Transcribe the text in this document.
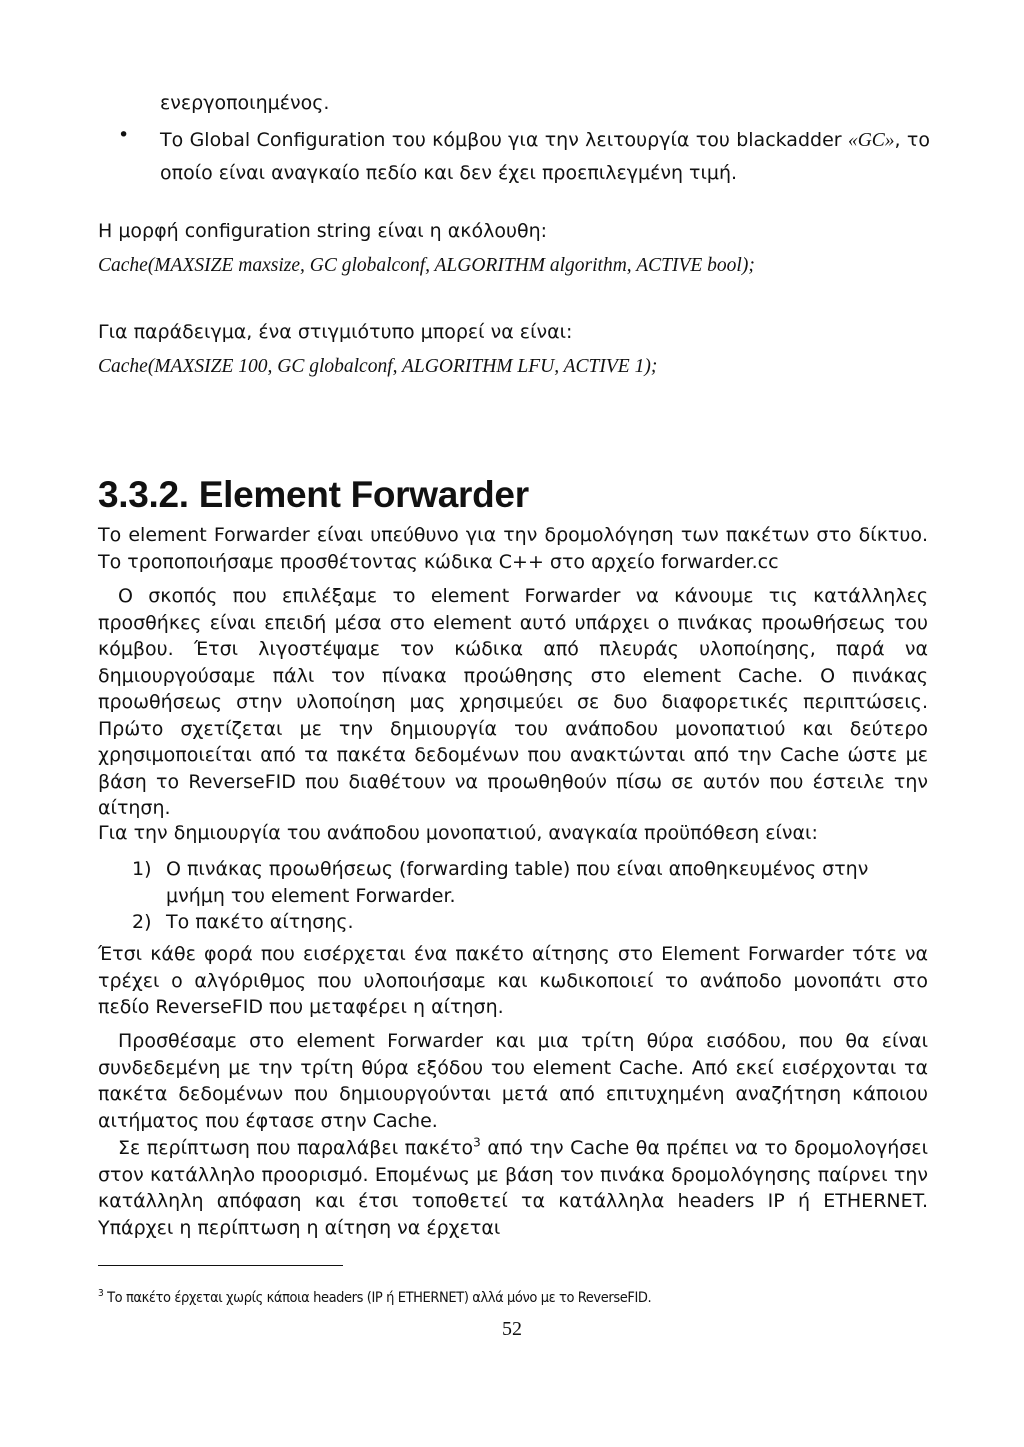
ενεργοποιημένος.
• Το Global Configuration του κόμβου για την λειτουργία του blackadder «GC», το οποίο είναι αναγκαίο πεδίο και δεν έχει προεπιλεγμένη τιμή.
Η μορφή configuration string είναι η ακόλουθη:
Cache(MAXSIZE maxsize, GC globalconf, ALGORITHM algorithm, ACTIVE bool);
Για παράδειγμα, ένα στιγμιότυπο μπορεί να είναι:
Cache(MAXSIZE 100, GC globalconf, ALGORITHM LFU, ACTIVE 1);
3.3.2. Element Forwarder
Το element Forwarder είναι υπεύθυνο για την δρομολόγηση των πακέτων στο δίκτυο. Το τροποποιήσαμε προσθέτοντας κώδικα C++ στο αρχείο forwarder.cc
Ο σκοπός που επιλέξαμε το element Forwarder να κάνουμε τις κατάλληλες προσθήκες είναι επειδή μέσα στο element αυτό υπάρχει ο πινάκας προωθήσεως του κόμβου. Έτσι λιγοστέψαμε τον κώδικα από πλευράς υλοποίησης, παρά να δημιουργούσαμε πάλι τον πίνακα προώθησης στο element Cache. Ο πινάκας προωθήσεως στην υλοποίηση μας χρησιμεύει σε δυο διαφορετικές περιπτώσεις. Πρώτο σχετίζεται με την δημιουργία του ανάποδου μονοπατιού και δεύτερο χρησιμοποιείται από τα πακέτα δεδομένων που ανακτώνται από την Cache ώστε με βάση το ReverseFID που διαθέτουν να προωθηθούν πίσω σε αυτόν που έστειλε την αίτηση.
Για την δημιουργία του ανάποδου μονοπατιού, αναγκαία προϋπόθεση είναι:
1) Ο πινάκας προωθήσεως (forwarding table) που είναι αποθηκευμένος στην μνήμη του element Forwarder.
2) Το πακέτο αίτησης.
Έτσι κάθε φορά που εισέρχεται ένα πακέτο αίτησης στο Element Forwarder τότε να τρέχει ο αλγόριθμος που υλοποιήσαμε και κωδικοποιεί το ανάποδο μονοπάτι στο πεδίο ReverseFID που μεταφέρει η αίτηση.
Προσθέσαμε στο element Forwarder και μια τρίτη θύρα εισόδου, που θα είναι συνδεδεμένη με την τρίτη θύρα εξόδου του element Cache. Από εκεί εισέρχονται τα πακέτα δεδομένων που δημιουργούνται μετά από επιτυχημένη αναζήτηση κάποιου αιτήματος που έφτασε στην Cache.
Σε περίπτωση που παραλάβει πακέτο$^3$ από την Cache θα πρέπει να το δρομολογήσει στον κατάλληλο προορισμό. Επομένως με βάση τον πινάκα δρομολόγησης παίρνει την κατάλληλη απόφαση και έτσι τοποθετεί τα κατάλληλα headers IP ή ETHERNET. Υπάρχει η περίπτωση η αίτηση να έρχεται
$^3$ Το πακέτο έρχεται χωρίς κάποια headers (IP ή ETHERNET) αλλά μόνο με το ReverseFID.
52
